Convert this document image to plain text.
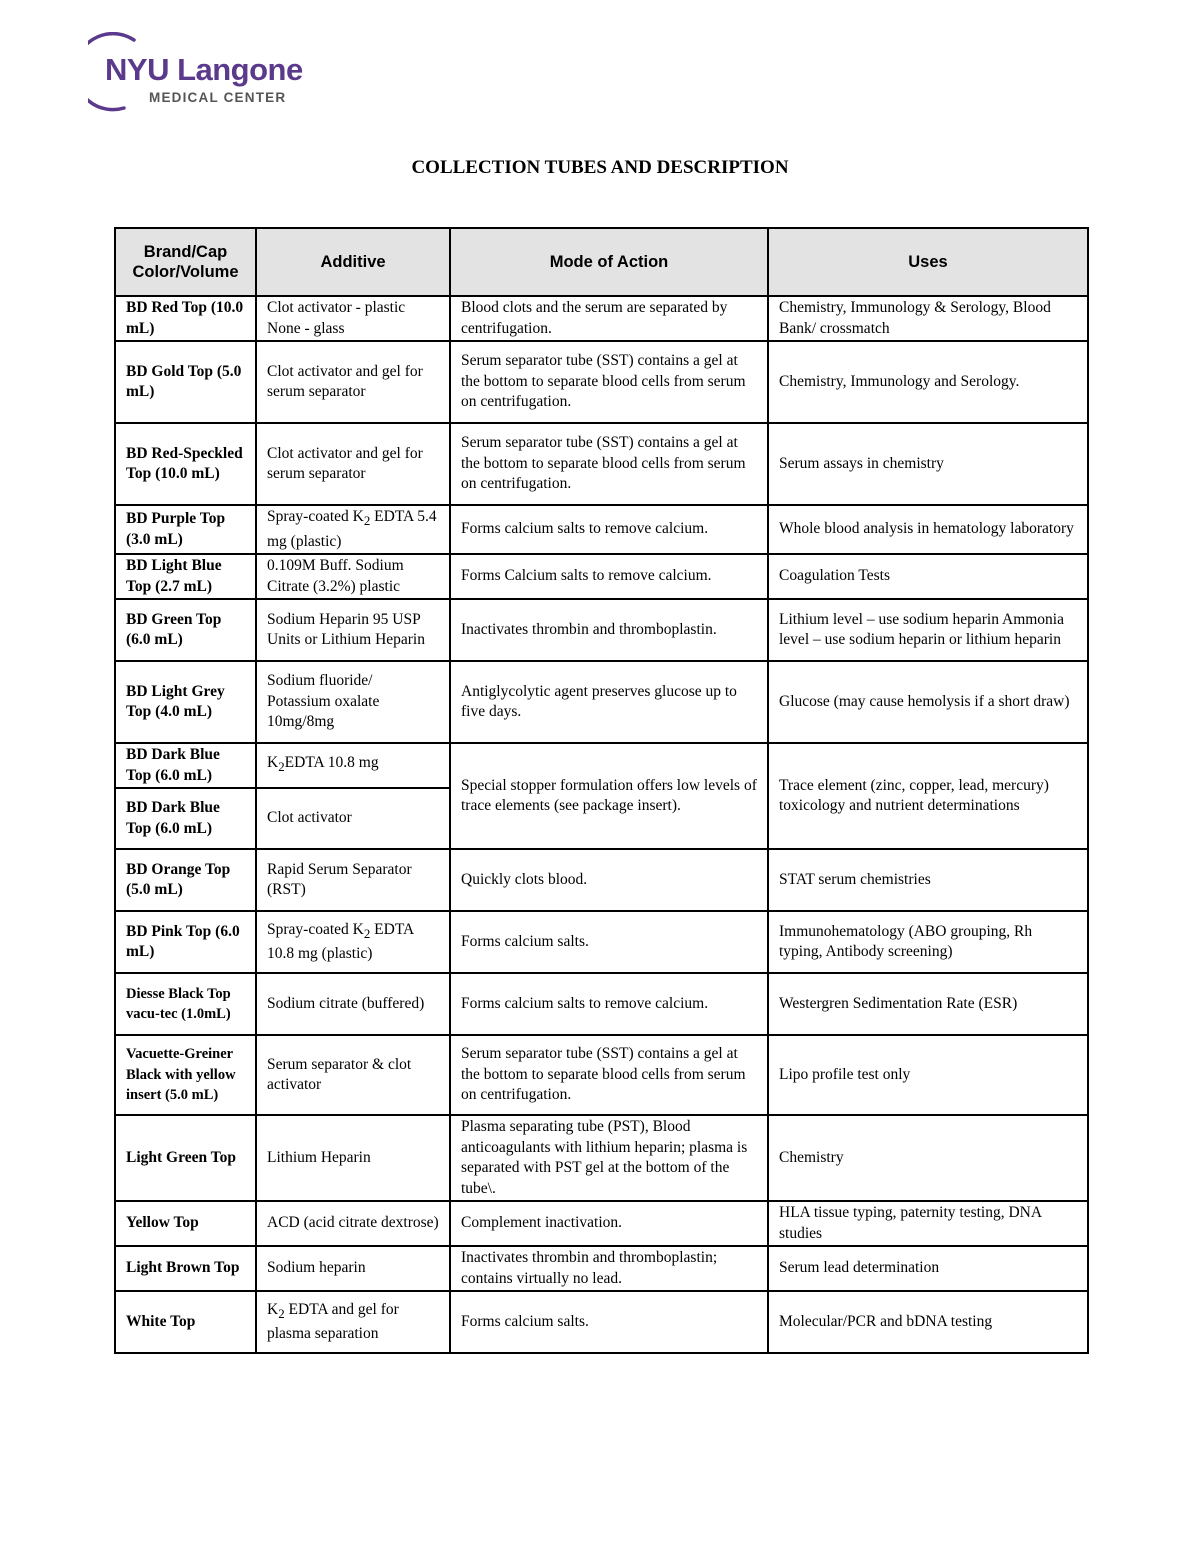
NYU Langone
MEDICAL CENTER
COLLECTION TUBES AND DESCRIPTION
Brand/Cap Color/Volume	Additive	Mode of Action	Uses
BD Red Top (10.0 mL)	Clot activator - plastic None - glass	Blood clots and the serum are separated by centrifugation.	Chemistry, Immunology & Serology, Blood Bank/ crossmatch
BD Gold Top (5.0 mL)	Clot activator and gel for serum separator	Serum separator tube (SST) contains a gel at the bottom to separate blood cells from serum on centrifugation.	Chemistry, Immunology and Serology.
BD Red-Speckled Top (10.0 mL)	Clot activator and gel for serum separator	Serum separator tube (SST) contains a gel at the bottom to separate blood cells from serum on centrifugation.	Serum assays in chemistry
BD Purple Top (3.0 mL)	Spray-coated $K_2$ EDTA 5.4 mg (plastic)	Forms calcium salts to remove calcium.	Whole blood analysis in hematology laboratory
BD Light Blue Top (2.7 mL)	0.109M Buff. Sodium Citrate (3.2%) plastic	Forms Calcium salts to remove calcium.	Coagulation Tests
BD Green Top (6.0 mL)	Sodium Heparin 95 USP Units or Lithium Heparin	Inactivates thrombin and thromboplastin.	Lithium level – use sodium heparin Ammonia level – use sodium heparin or lithium heparin
BD Light Grey Top (4.0 mL)	Sodium fluoride/ Potassium oxalate 10mg/8mg	Antiglycolytic agent preserves glucose up to five days.	Glucose (may cause hemolysis if a short draw)
BD Dark Blue Top (6.0 mL)	$K_2EDTA$ 10.8 mg	Special stopper formulation offers low levels of trace elements (see package insert).	Trace element (zinc, copper, lead, mercury) toxicology and nutrient determinations
BD Dark Blue Top (6.0 mL)	Clot activator		
BD Orange Top (5.0 mL)	Rapid Serum Separator (RST)	Quickly clots blood.	STAT serum chemistries
BD Pink Top (6.0 mL)	Spray-coated $K_2$ EDTA 10.8 mg (plastic)	Forms calcium salts.	Immunohematology (ABO grouping, Rh typing, Antibody screening)
Diesse Black Top vacu-tec (1.0mL)	Sodium citrate (buffered)	Forms calcium salts to remove calcium.	Westergren Sedimentation Rate (ESR)
Vacuette-Greiner Black with yellow insert (5.0 mL)	Serum separator & clot activator	Serum separator tube (SST) contains a gel at the bottom to separate blood cells from serum on centrifugation.	Lipo profile test only
Light Green Top	Lithium Heparin	Plasma separating tube (PST), Blood anticoagulants with lithium heparin; plasma is separated with PST gel at the bottom of the tube\.	Chemistry
Yellow Top	ACD (acid citrate dextrose)	Complement inactivation.	HLA tissue typing, paternity testing, DNA studies
Light Brown Top	Sodium heparin	Inactivates thrombin and thromboplastin; contains virtually no lead.	Serum lead determination
White Top	$K_2$ EDTA and gel for plasma separation	Forms calcium salts.	Molecular/PCR and bDNA testing
